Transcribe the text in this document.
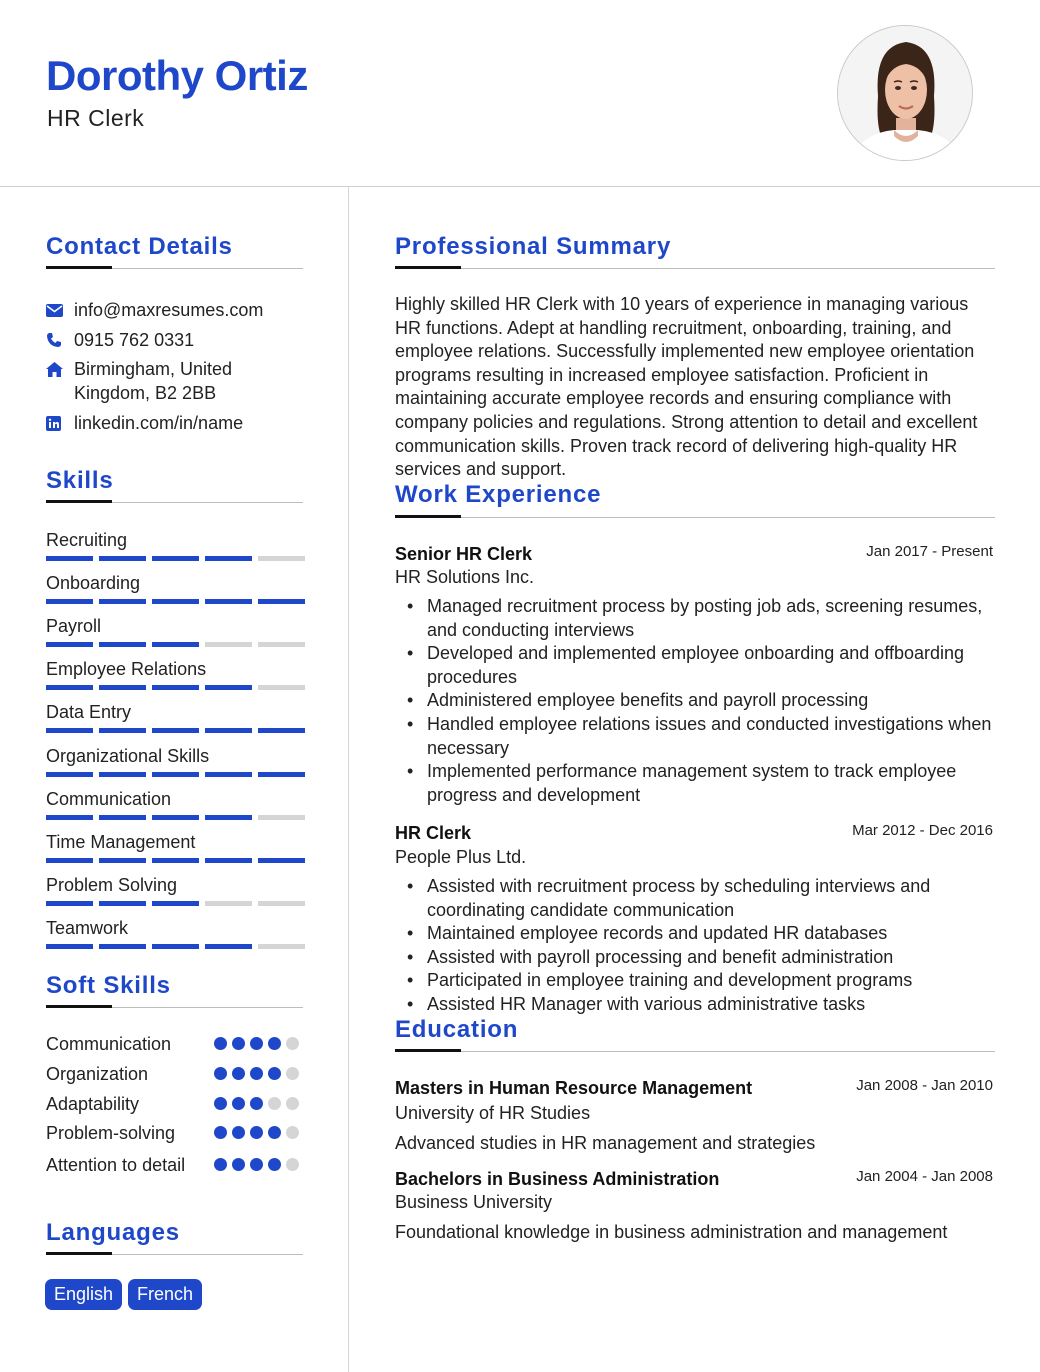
Dorothy Ortiz
HR Clerk
Contact Details
info@maxresumes.com
0915 762 0331
Birmingham, United Kingdom, B2 2BB
linkedin.com/in/name
Skills
Recruiting
Onboarding
Payroll
Employee Relations
Data Entry
Organizational Skills
Communication
Time Management
Problem Solving
Teamwork
Soft Skills
Communication
Organization
Adaptability
Problem-solving
Attention to detail
Languages
English	French
Professional Summary
Highly skilled HR Clerk with 10 years of experience in managing various HR functions. Adept at handling recruitment, onboarding, training, and employee relations. Successfully implemented new employee orientation programs resulting in increased employee satisfaction. Proficient in maintaining accurate employee records and ensuring compliance with company policies and regulations. Strong attention to detail and excellent communication skills. Proven track record of delivering high-quality HR services and support.
Work Experience
Senior HR Clerk	Jan 2017 - Present
HR Solutions Inc.
• Managed recruitment process by posting job ads, screening resumes, and conducting interviews
• Developed and implemented employee onboarding and offboarding procedures
• Administered employee benefits and payroll processing
• Handled employee relations issues and conducted investigations when necessary
• Implemented performance management system to track employee progress and development
HR Clerk	Mar 2012 - Dec 2016
People Plus Ltd.
• Assisted with recruitment process by scheduling interviews and coordinating candidate communication
• Maintained employee records and updated HR databases
• Assisted with payroll processing and benefit administration
• Participated in employee training and development programs
• Assisted HR Manager with various administrative tasks
Education
Masters in Human Resource Management	Jan 2008 - Jan 2010
University of HR Studies
Advanced studies in HR management and strategies
Bachelors in Business Administration	Jan 2004 - Jan 2008
Business University
Foundational knowledge in business administration and management
